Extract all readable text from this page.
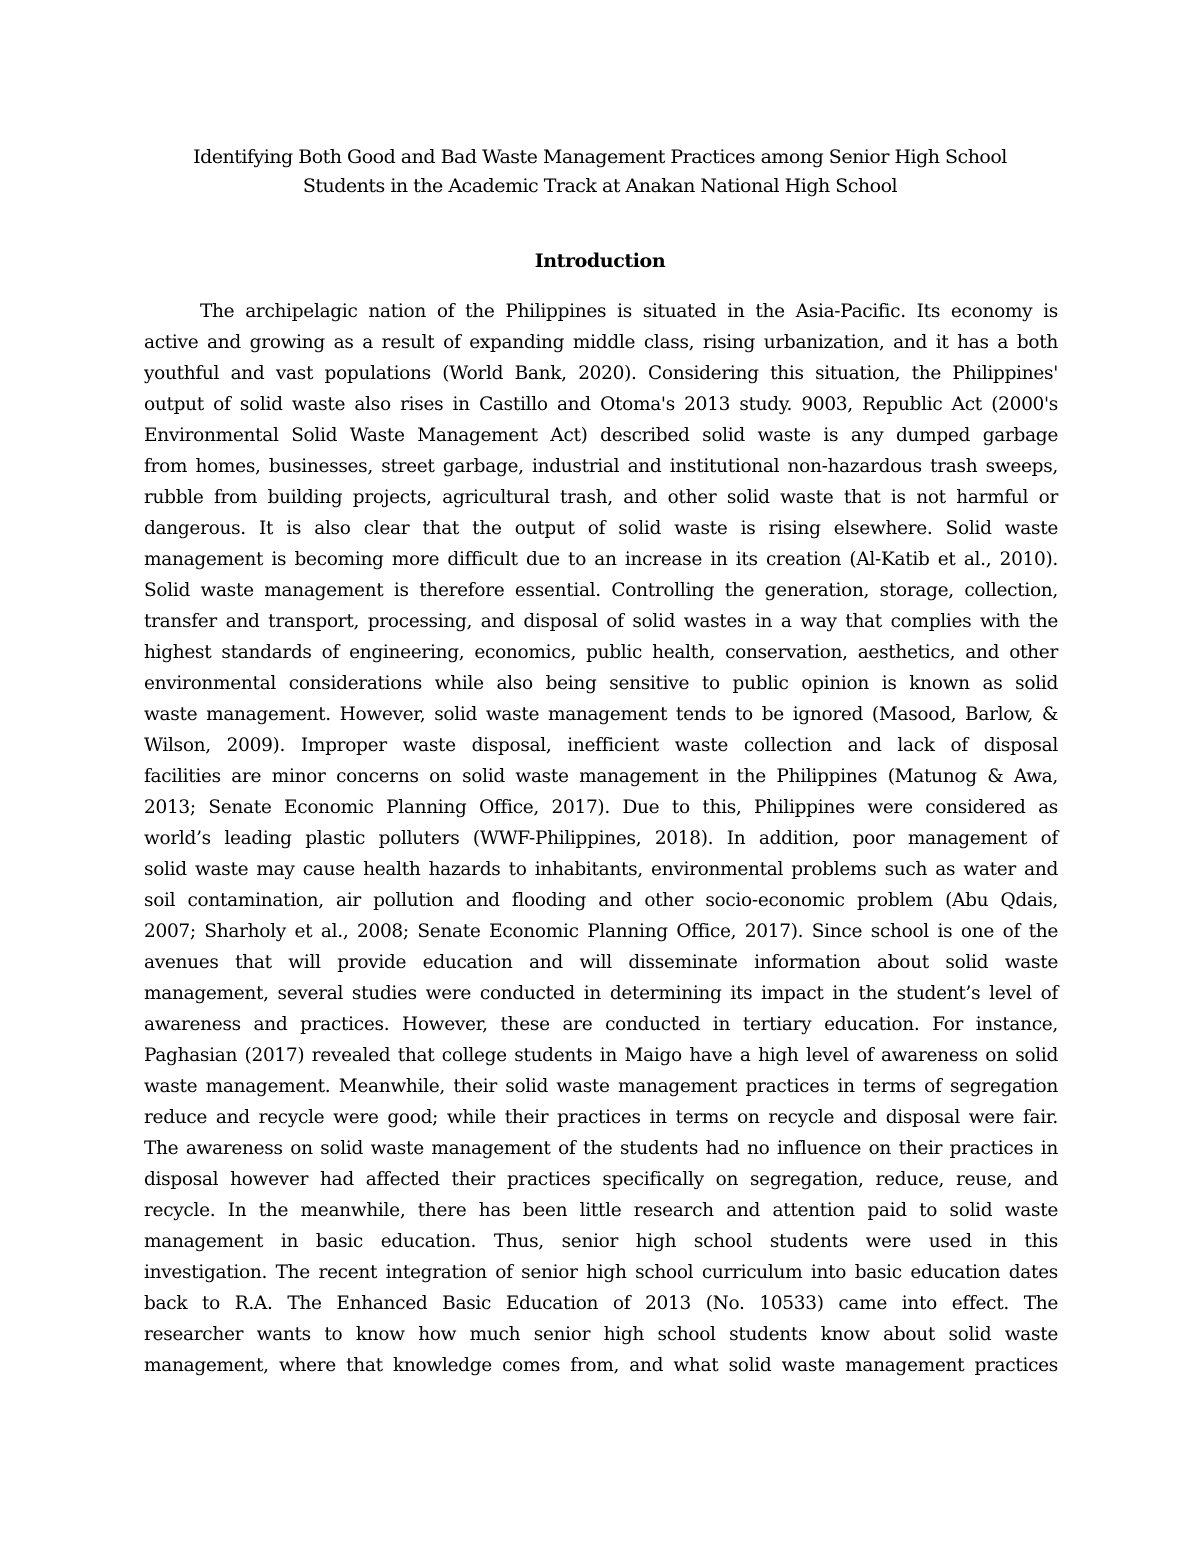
Identifying Both Good and Bad Waste Management Practices among Senior High School
Students in the Academic Track at Anakan National High School
Introduction
The archipelagic nation of the Philippines is situated in the Asia-Pacific. Its economy is
active and growing as a result of expanding middle class, rising urbanization, and it has a both
youthful and vast populations (World Bank, 2020). Considering this situation, the Philippines'
output of solid waste also rises in Castillo and Otoma's 2013 study. 9003, Republic Act (2000's
Environmental Solid Waste Management Act) described solid waste is any dumped garbage
from homes, businesses, street garbage, industrial and institutional non-hazardous trash sweeps,
rubble from building projects, agricultural trash, and other solid waste that is not harmful or
dangerous. It is also clear that the output of solid waste is rising elsewhere. Solid waste
management is becoming more difficult due to an increase in its creation (Al-Katib et al., 2010).
Solid waste management is therefore essential. Controlling the generation, storage, collection,
transfer and transport, processing, and disposal of solid wastes in a way that complies with the
highest standards of engineering, economics, public health, conservation, aesthetics, and other
environmental considerations while also being sensitive to public opinion is known as solid
waste management. However, solid waste management tends to be ignored (Masood, Barlow, &
Wilson, 2009). Improper waste disposal, inefficient waste collection and lack of disposal
facilities are minor concerns on solid waste management in the Philippines (Matunog & Awa,
2013; Senate Economic Planning Office, 2017). Due to this, Philippines were considered as
world’s leading plastic polluters (WWF-Philippines, 2018). In addition, poor management of
solid waste may cause health hazards to inhabitants, environmental problems such as water and
soil contamination, air pollution and flooding and other socio-economic problem (Abu Qdais,
2007; Sharholy et al., 2008; Senate Economic Planning Office, 2017). Since school is one of the
avenues that will provide education and will disseminate information about solid waste
management, several studies were conducted in determining its impact in the student’s level of
awareness and practices. However, these are conducted in tertiary education. For instance,
Paghasian (2017) revealed that college students in Maigo have a high level of awareness on solid
waste management. Meanwhile, their solid waste management practices in terms of segregation
reduce and recycle were good; while their practices in terms on recycle and disposal were fair.
The awareness on solid waste management of the students had no influence on their practices in
disposal however had affected their practices specifically on segregation, reduce, reuse, and
recycle. In the meanwhile, there has been little research and attention paid to solid waste
management in basic education. Thus, senior high school students were used in this
investigation. The recent integration of senior high school curriculum into basic education dates
back to R.A. The Enhanced Basic Education of 2013 (No. 10533) came into effect. The
researcher wants to know how much senior high school students know about solid waste
management, where that knowledge comes from, and what solid waste management practices
